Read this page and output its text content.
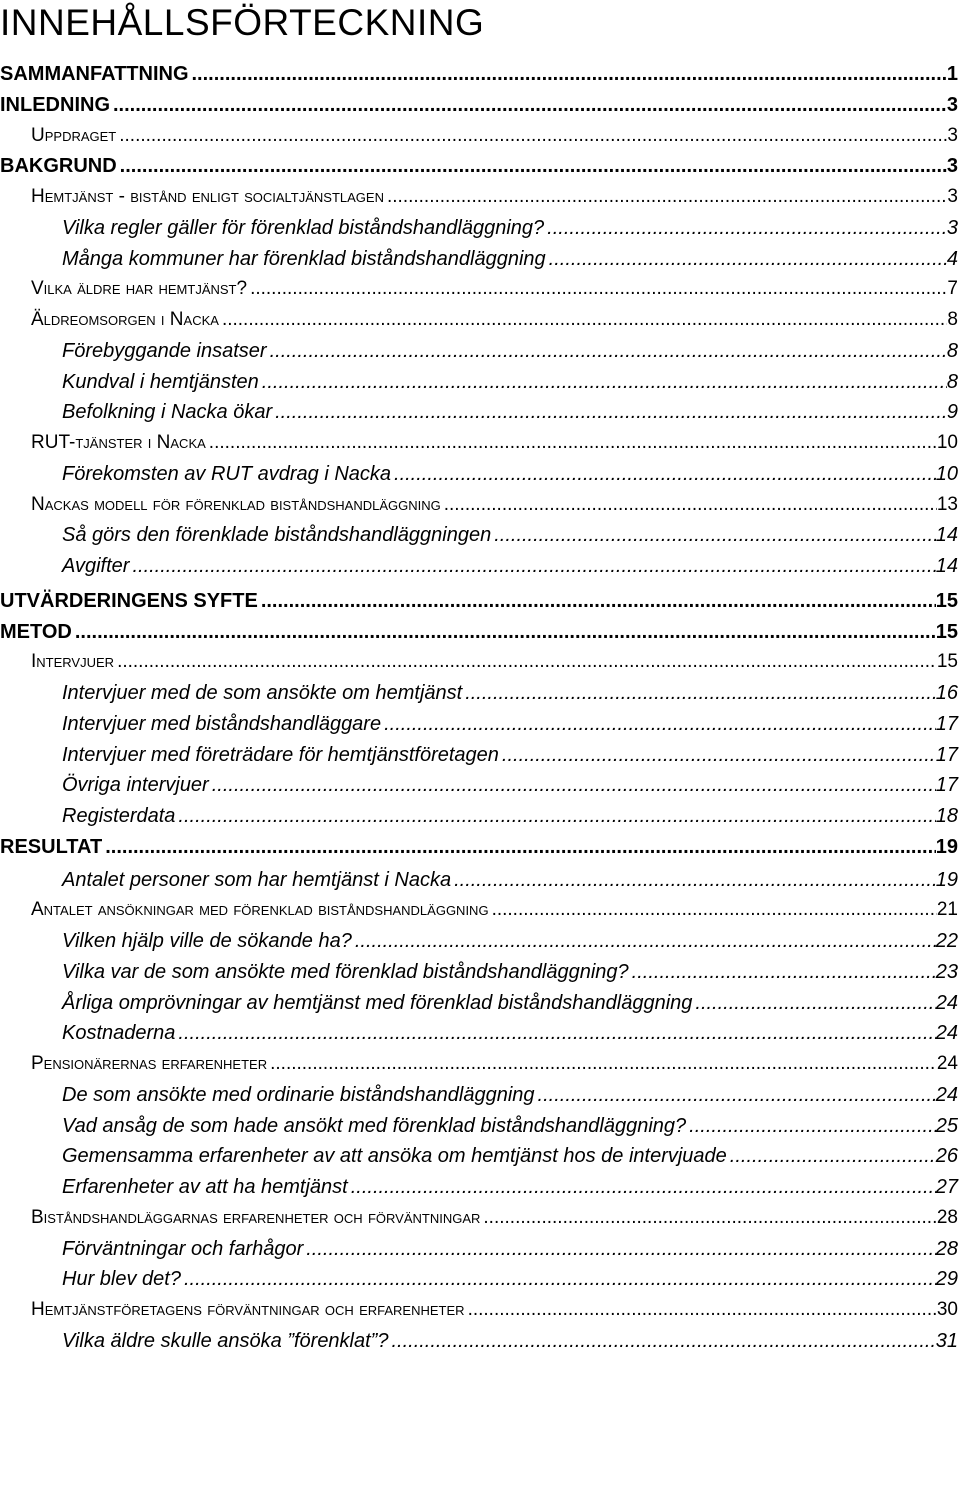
INNEHÅLLSFÖRTECKNING
SAMMANFATTNING .....	1
INLEDNING .....	3
Uppdraget .....	3
BAKGRUND .....	3
Hemtjänst - bistånd enligt socialtjänstlagen .....	3
Vilka regler gäller för förenklad biståndshandläggning? .....	3
Många kommuner har förenklad biståndshandläggning .....	4
Vilka äldre har hemtjänst? .....	7
Äldreomsorgen i Nacka .....	8
Förebyggande insatser .....	8
Kundval i hemtjänsten .....	8
Befolkning i Nacka ökar .....	9
RUT-tjänster i Nacka .....	10
Förekomsten av RUT avdrag i Nacka .....	10
Nackas modell för förenklad biståndshandläggning .....	13
Så görs den förenklade biståndshandläggningen .....	14
Avgifter .....	14
UTVÄRDERINGENS SYFTE .....	15
METOD .....	15
Intervjuer .....	15
Intervjuer med de som ansökte om hemtjänst .....	16
Intervjuer med biståndshandläggare .....	17
Intervjuer med företrädare för hemtjänstföretagen .....	17
Övriga intervjuer .....	17
Registerdata .....	18
RESULTAT .....	19
Antalet personer som har hemtjänst i Nacka .....	19
Antalet ansökningar med förenklad biståndshandläggning .....	21
Vilken hjälp ville de sökande ha? .....	22
Vilka var de som ansökte med förenklad biståndshandläggning? .....	23
Årliga omprövningar av hemtjänst med förenklad biståndshandläggning .....	24
Kostnaderna .....	24
Pensionärernas erfarenheter .....	24
De som ansökte med ordinarie biståndshandläggning .....	24
Vad ansåg de som hade ansökt med förenklad biståndshandläggning? .....	25
Gemensamma erfarenheter av att ansöka om hemtjänst hos de intervjuade .....	26
Erfarenheter av att ha hemtjänst .....	27
Biståndshandläggarnas erfarenheter och förväntningar .....	28
Förväntningar och farhågor .....	28
Hur blev det? .....	29
Hemtjänstföretagens förväntningar och erfarenheter .....	30
Vilka äldre skulle ansöka ”förenklat”? .....	31
